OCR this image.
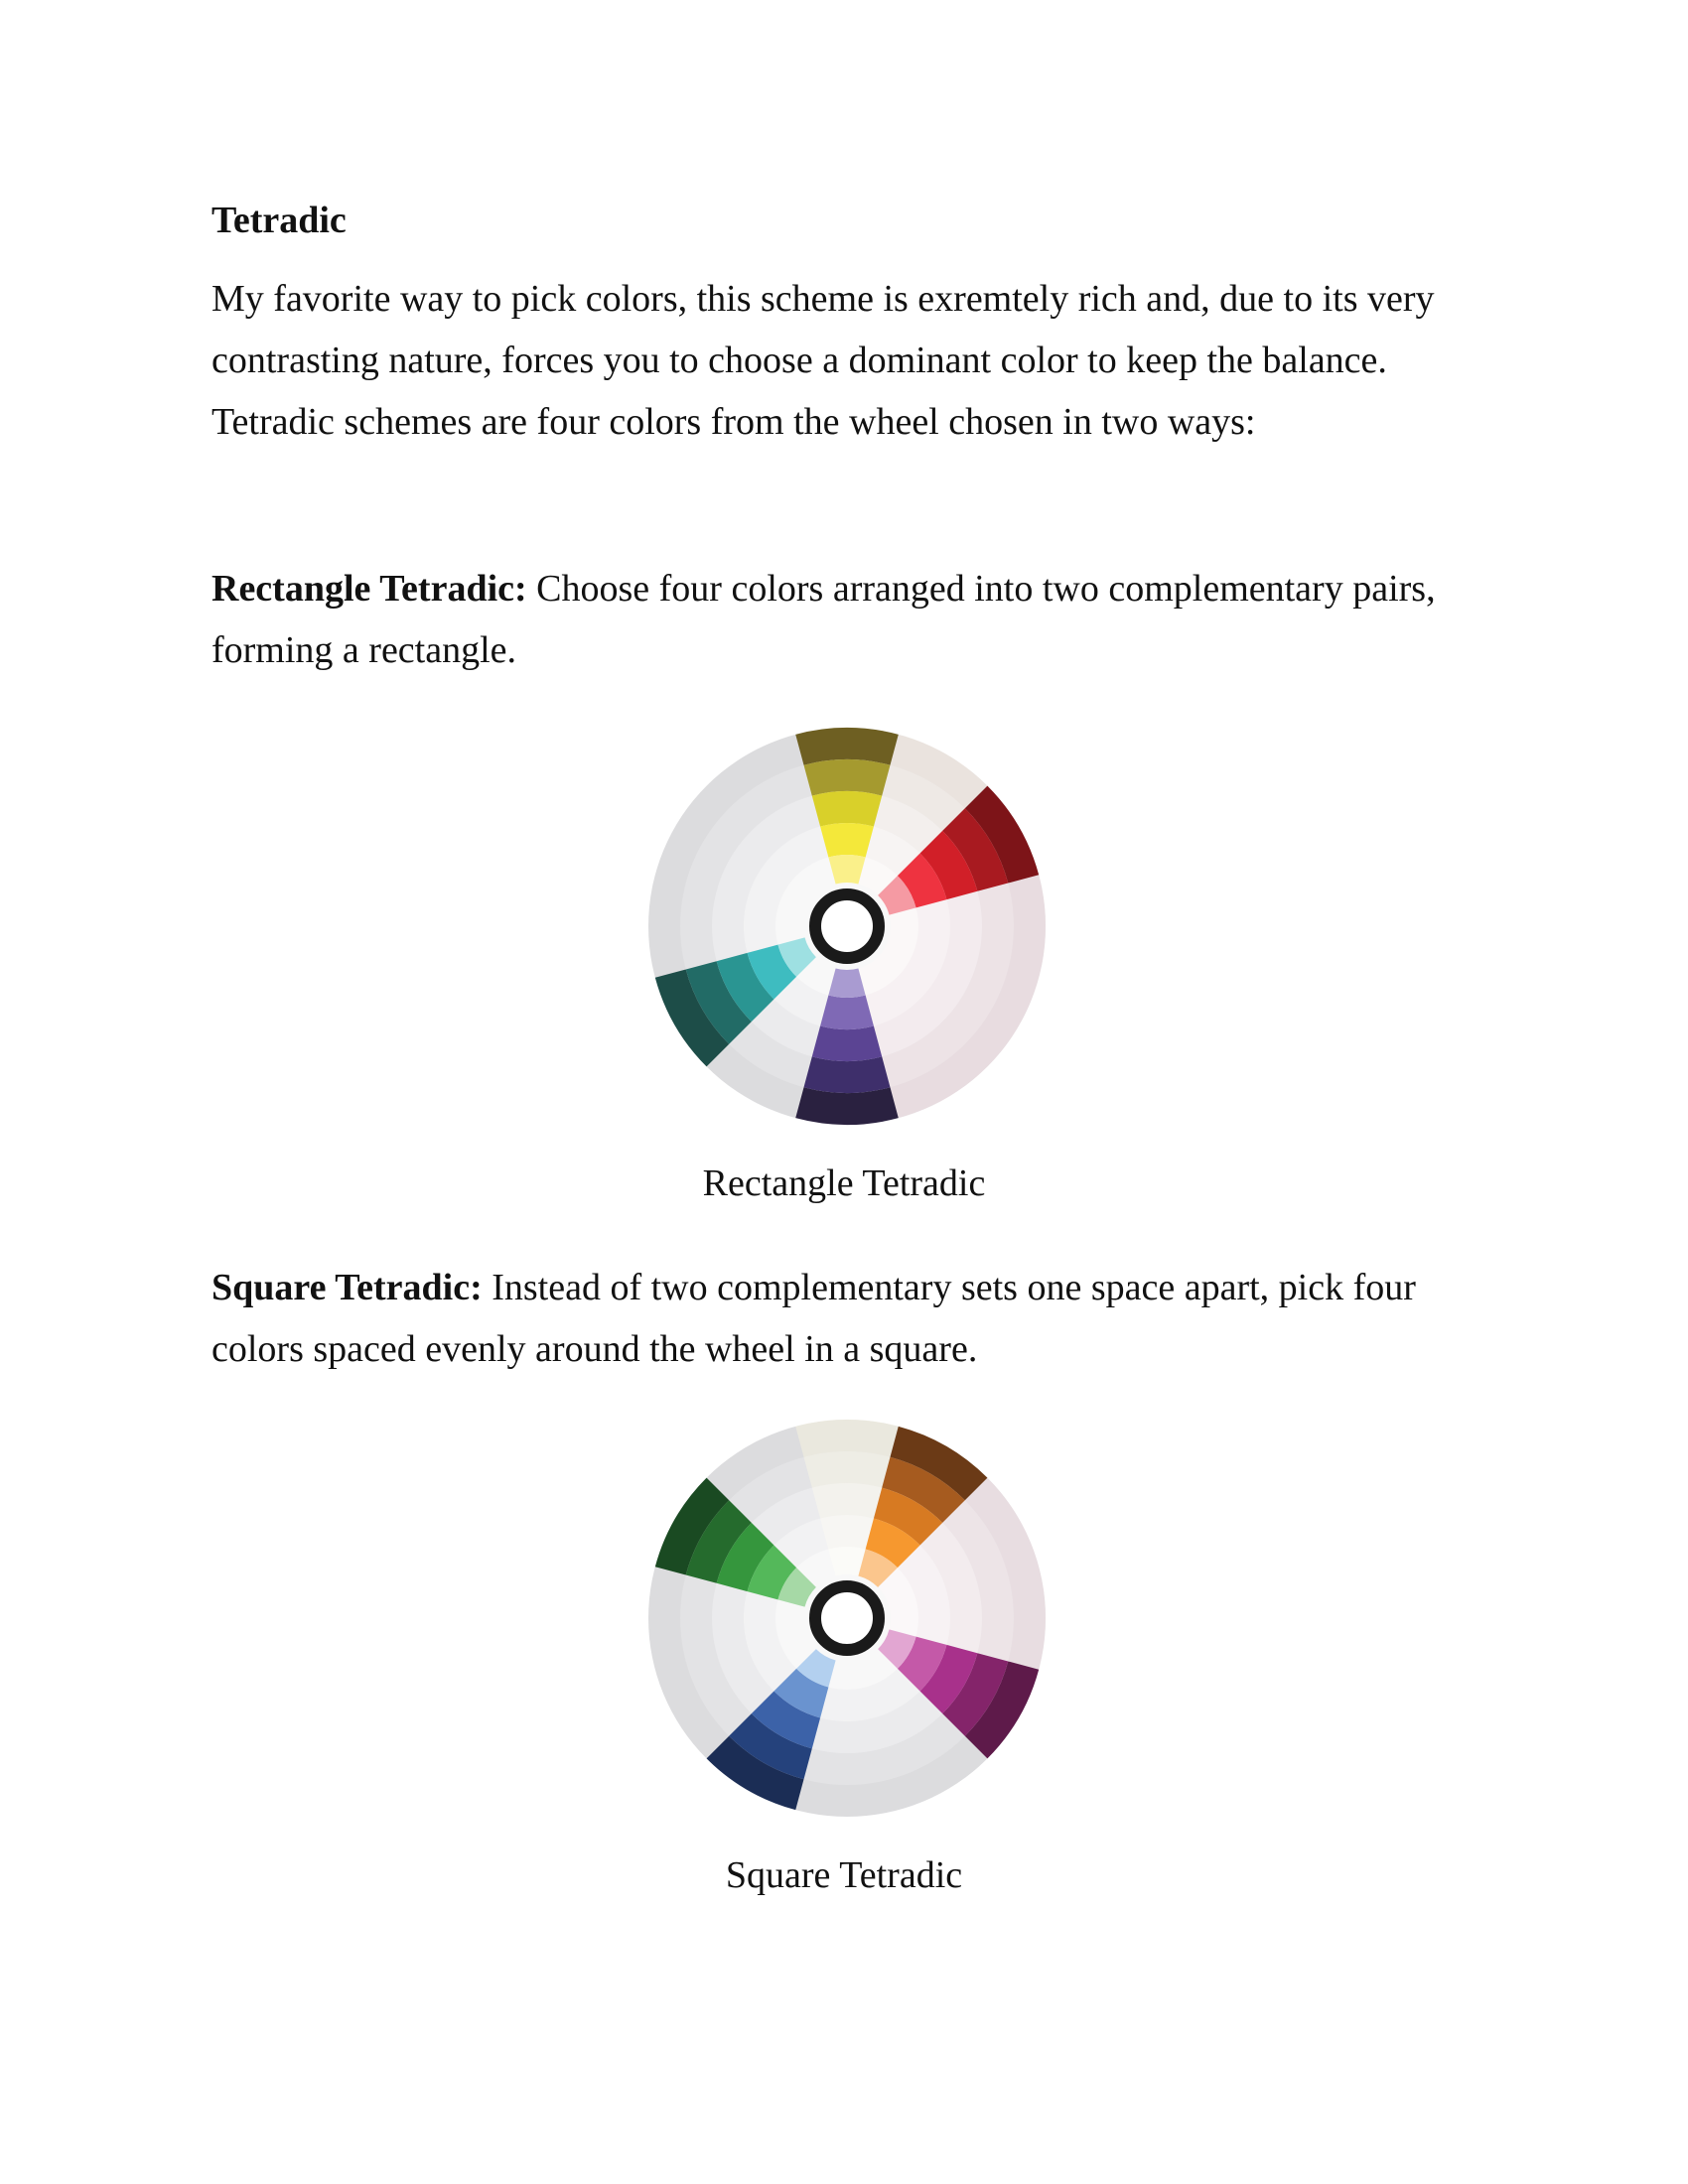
Tetradic

My favorite way to pick colors, this scheme is exremtely rich and, due to its very contrasting nature, forces you to choose a dominant color to keep the balance. Tetradic schemes are four colors from the wheel chosen in two ways:

Rectangle Tetradic: Choose four colors arranged into two complementary pairs, forming a rectangle.

Rectangle Tetradic

Square Tetradic: Instead of two complementary sets one space apart, pick four colors spaced evenly around the wheel in a square.

Square Tetradic
